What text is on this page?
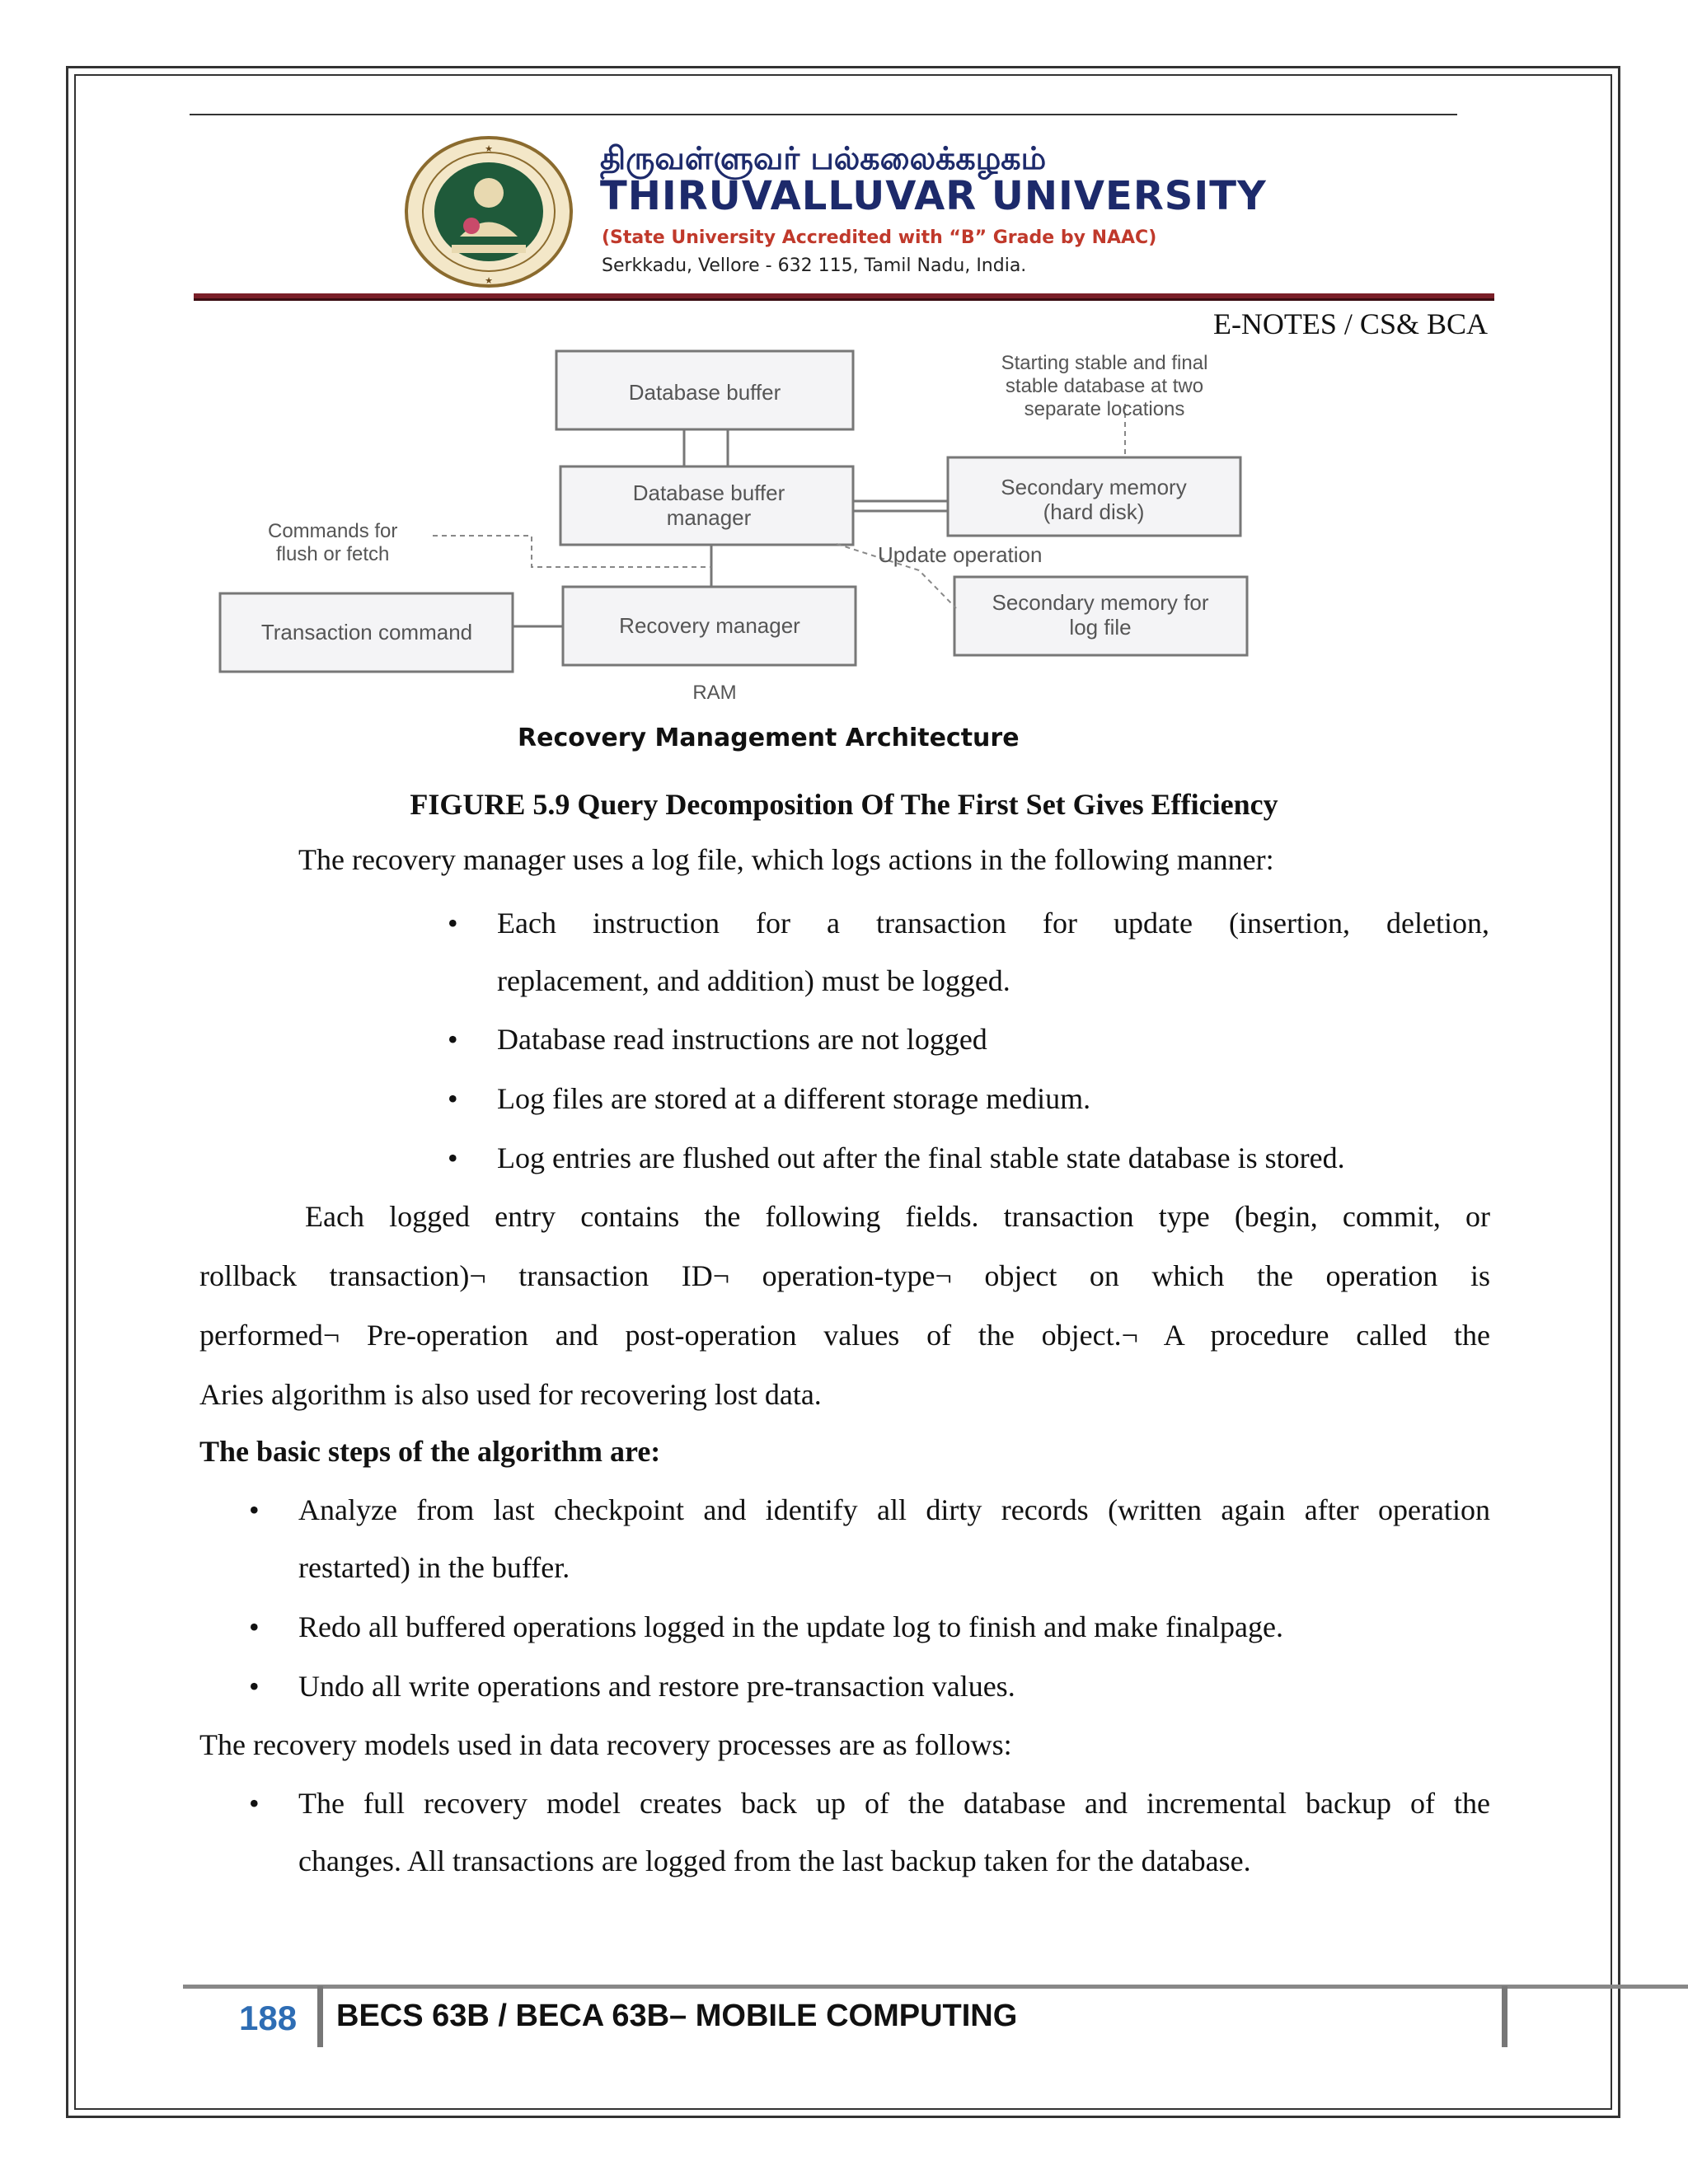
★
★
திருவள்ளுவர் பல்கலைக்கழகம்
THIRUVALLUVAR UNIVERSITY
(State University Accredited with “B” Grade by NAAC)
Serkkadu, Vellore - 632 115, Tamil Nadu, India.
E-NOTES / CS& BCA
Database buffer
Database buffer
manager
Transaction command	Recovery manager
Secondary memory
(hard disk)
Secondary memory for
log file
Starting stable and final
stable database at two
separate locations
Commands for
flush or fetch	Update operation
RAM
Recovery Management Architecture
FIGURE 5.9 Query Decomposition Of The First Set Gives Efficiency
The recovery manager uses a log file, which logs actions in the following manner:
• Each instruction for a transaction for update (insertion, deletion,
replacement, and addition) must be logged.
• Database read instructions are not logged
• Log files are stored at a different storage medium.
• Log entries are flushed out after the final stable state database is stored.
Each logged entry contains the following fields. transaction type (begin, commit, or
rollback transaction)¬ transaction ID¬ operation-type¬ object on which the operation is
performed¬ Pre-operation and post-operation values of the object.¬ A procedure called the
Aries algorithm is also used for recovering lost data.
The basic steps of the algorithm are:
• Analyze from last checkpoint and identify all dirty records (written again after operation
restarted) in the buffer.
• Redo all buffered operations logged in the update log to finish and make finalpage.
• Undo all write operations and restore pre-transaction values.
The recovery models used in data recovery processes are as follows:
• The full recovery model creates back up of the database and incremental backup of the
changes. All transactions are logged from the last backup taken for the database.
188 BECS 63B / BECA 63B– MOBILE COMPUTING
